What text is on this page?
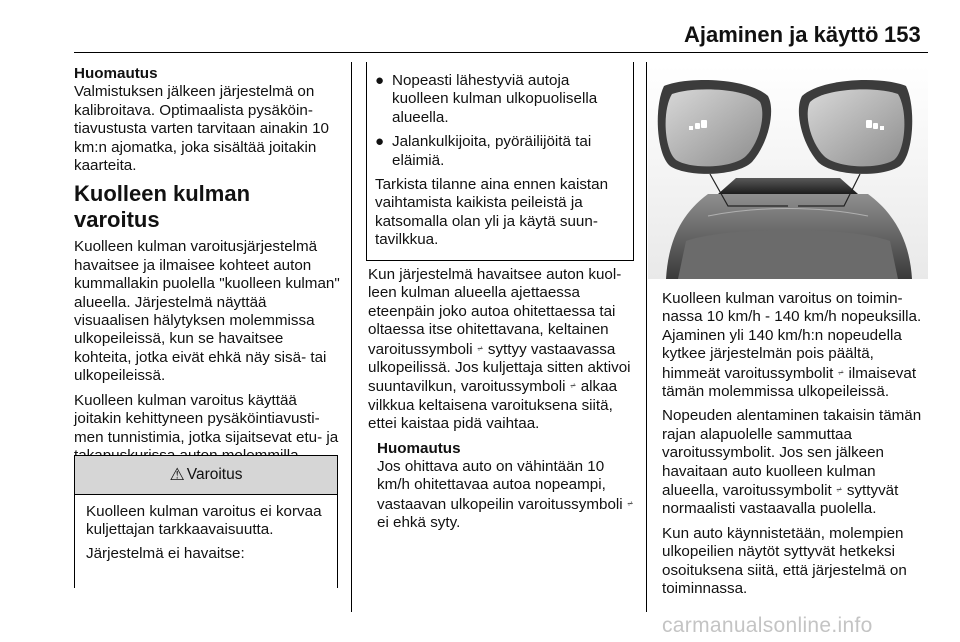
Ajaminen ja käyttö 153

Huomautus

Valmistuksen jälkeen järjestelmä on kalibroitava. Optimaalista pysäköintiavustusta varten tarvitaan ainakin 10 km:n ajomatka, joka sisältää joitakin kaarteita.

Kuolleen kulman varoitus

Kuolleen kulman varoitusjärjestelmä havaitsee ja ilmaisee kohteet auton kummallakin puolella "kuolleen kulman" alueella. Järjestelmä näyttää visuaalisen hälytyksen molemmissa ulkopeileissä, kun se havaitsee kohteita, jotka eivät ehkä näy sisä- tai ulkopeileissä.

Kuolleen kulman varoitus käyttää joitakin kehittyneen pysäköintiavustimen tunnistimia, jotka sijaitsevat etu- ja

⚠ Varoitus

Kuolleen kulman varoitus ei korvaa kuljettajan tarkkaavaisuutta.

Järjestelmä ei havaitse:

● Nopeasti lähestyviä autoja kuolleen kulman ulkopuolisella alueella.
● Jalankulkijoita, pyöräilijöitä tai eläimiä.

Tarkista tilanne aina ennen kaistan vaihtamista kaikista peileistä ja katsomalla olan yli ja käytä suuntavilkkua.

Kun järjestelmä havaitsee auton kuolleen kulman alueella ajettaessa eteenpäin joko autoa ohitettaessa tai oltaessa itse ohitettavana, keltainen varoitussymboli ⩫ syttyy vastaavassa ulkopeilissä. Jos kuljettaja sitten aktivoi suuntavilkun, varoitussymboli ⩫ alkaa vilkkua keltaisena varoituksena siitä, ettei kaistaa pidä vaihtaa.

Huomautus

Jos ohittava auto on vähintään 10 km/h ohitettavaa autoa nopeampi, vastaavan ulkopeilin varoitussymboli ⩫ ei ehkä syty.

Kuolleen kulman varoitus on toiminnassa 10 km/h - 140 km/h nopeuksilla. Ajaminen yli 140 km/h:n nopeudella kytkee järjestelmän pois päältä, himmeät varoitussymbolit ⩫ ilmaisevat tämän molemmissa ulkopeileissä.

Nopeuden alentaminen takaisin tämän rajan alapuolelle sammuttaa varoitussymbolit. Jos sen jälkeen havaitaan auto kuolleen kulman alueella, varoitussymbolit ⩫ syttyvät normaalisti vastaavalla puolella.

Kun auto käynnistetään, molempien ulkopeilien näytöt syttyvät hetkeksi osoituksena siitä, että järjestelmä on toiminnassa.

carmanualsonline.info
